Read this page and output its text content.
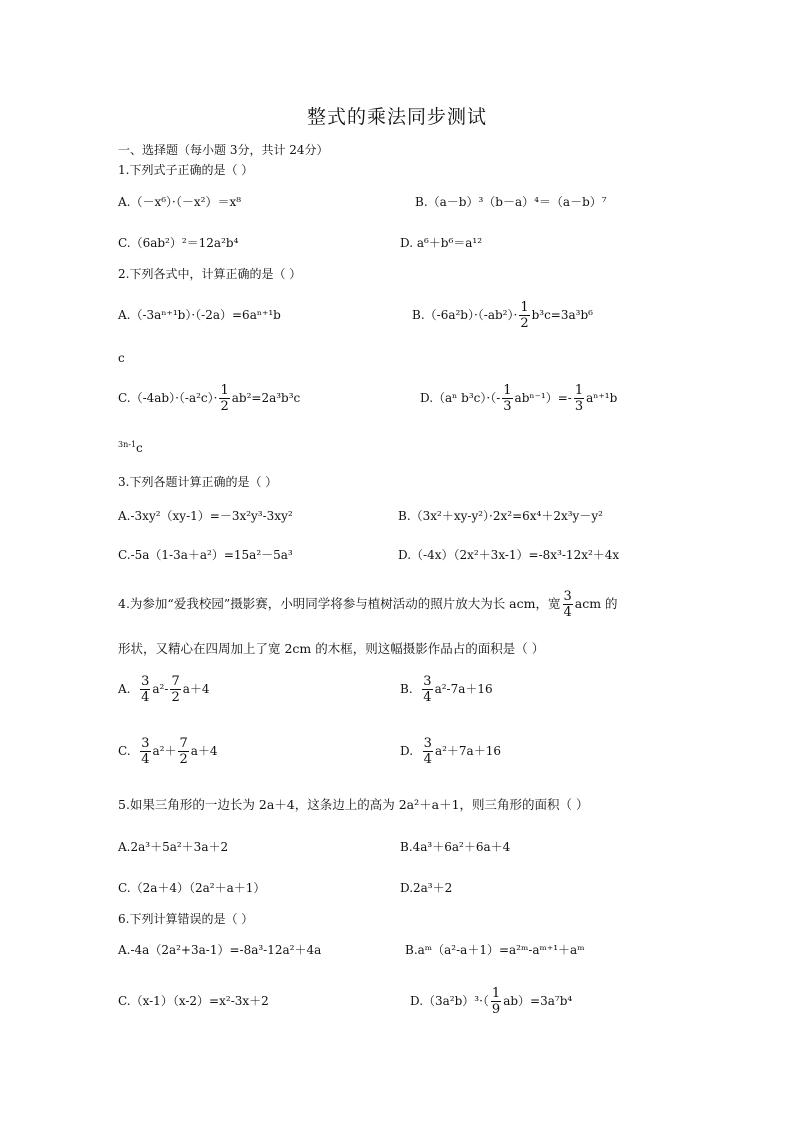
整式的乘法同步测试
一、选择题（每小题 3分，共计 24分）
1.下列式子正确的是（ ）
A.（－x⁶）·（－x²）＝x⁸	B.（a－b）³（b－a）⁴＝（a－b）⁷
C.（6ab²）²＝12a²b⁴	D. a⁶＋b⁶＝a¹²
2.下列各式中，计算正确的是（ ）
A.（-3aⁿ⁺¹b）·（-2a）=6aⁿ⁺¹b	$B.(-6a^2b)\cdot(-ab^2)\cdot \frac{1}{2} b^3c=3a^3b^6$
c
$C.(-4ab)\cdot(-a^2c)\cdot \frac{1}{2} ab^2=2a^3b^3c$	D.（aⁿ $b^3c)\cdot(- \frac{1}{3} ab^{n-1})=- \frac{1}{3} a^{n+1}b$
$^{3n-1}$c
3.下列各题计算正确的是（ ）
A.-3xy²（xy-1）=－3x²y³-3xy²	B.（3x²＋xy-y²）·2x²=6x⁴＋2x³y－y²
C.-5a（1-3a＋a²）=15a²－5a³	D.（-4x）（2x²＋3x-1）=-8x³-12x²＋4x
4.为参加“爱我校园”摄影赛，小明同学将参与植树活动的照片放大为长 acm，宽 $\frac{3}{4}$ acm 的
形状，又精心在四周加上了宽 2cm 的木框，则这幅摄影作品占的面积是（ ）
A. $\frac{3}{4} a^2- \frac{7}{2} a+4$	B. $\frac{3}{4} a^2-7a+16$
C. $\frac{3}{4} a^2+ \frac{7}{2} a+4$	D. $\frac{3}{4} a^2+7a+16$
5.如果三角形的一边长为 2a＋4，这条边上的高为 2a²＋a＋1，则三角形的面积（ ）
A.2a³＋5a²＋3a＋2	B.4a³＋6a²＋6a＋4
C.（2a＋4）（2a²＋a＋1）	D.2a³＋2
6.下列计算错误的是（ ）
A.-4a（2a²+3a-1）=-8a³-12a²＋4a	B.aᵐ（a²-a＋1）=a²ᵐ-aᵐ⁺¹＋aᵐ
C.（x-1）（x-2）=x²-3x＋2	$D.(3a^2b)^3\cdot( \frac{1}{9} ab)=3a^7b^4$
